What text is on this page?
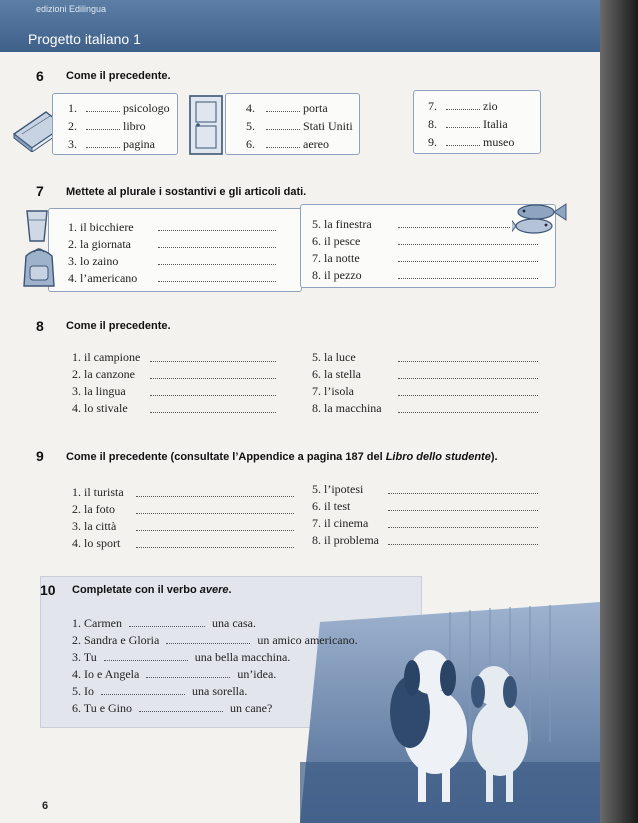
edizioni Edilingua
Progetto italiano 1
6 Come il precedente.
1.	psicologo
2.	libro
3.	pagina
4.	porta
5.	Stati Uniti
6.	aereo
7.	zio
8.	Italia
9.	museo
7 Mettete al plurale i sostantivi e gli articoli dati.
1. il bicchiere
2. la giornata
3. lo zaino
4. l’americano
5. la finestra
6. il pesce
7. la notte
8. il pezzo
8 Come il precedente.
1. il campione
2. la canzone
3. la lingua
4. lo stivale
5. la luce
6. la stella
7. l’isola
8. la macchina
9 Come il precedente (consultate l’Appendice a pagina 187 del Libro dello studente).
1. il turista
2. la foto
3. la città
4. lo sport
5. l’ipotesi
6. il test
7. il cinema
8. il problema
10 Completate con il verbo avere.
1. Carmen	una casa.
2. Sandra e Gloria	un amico americano.
3. Tu	una bella macchina.
4. Io e Angela	un’idea.
5. Io	una sorella.
6. Tu e Gino	un cane?
6
